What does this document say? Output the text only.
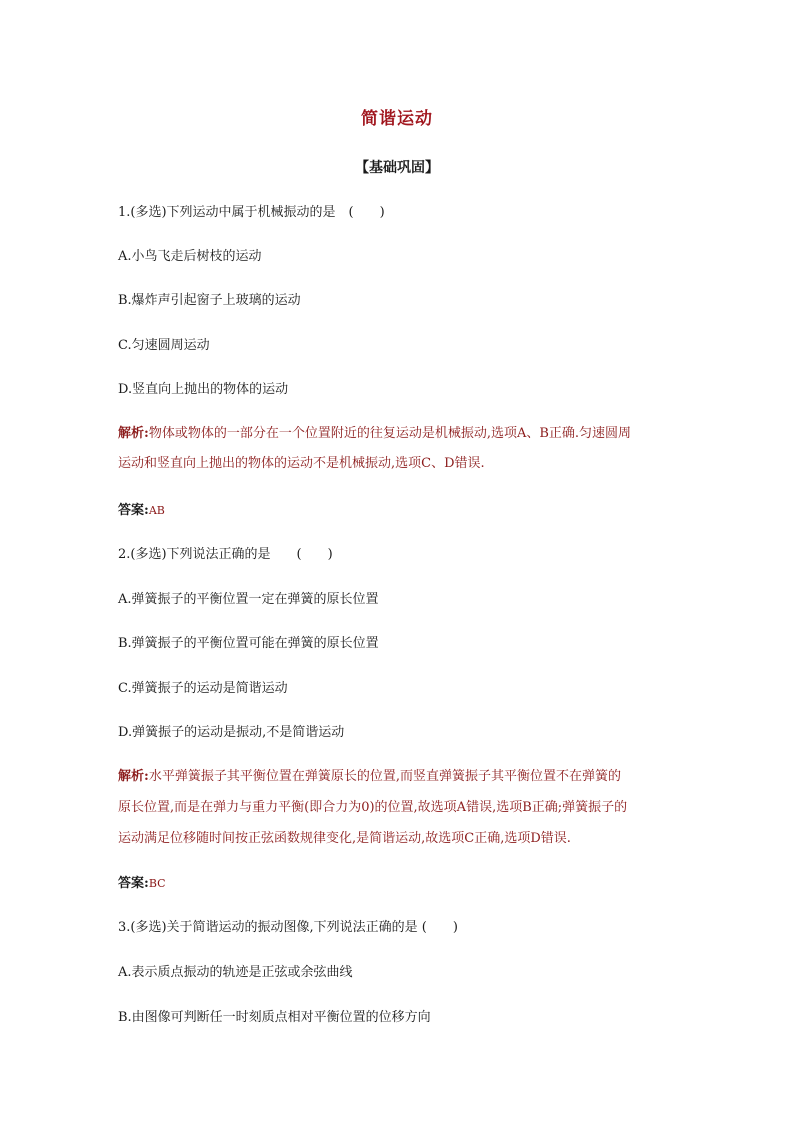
简谐运动
【基础巩固】
1.(多选)下列运动中属于机械振动的是　(　　)
A.小鸟飞走后树枝的运动
B.爆炸声引起窗子上玻璃的运动
C.匀速圆周运动
D.竖直向上抛出的物体的运动
解析:物体或物体的一部分在一个位置附近的往复运动是机械振动,选项A、B正确.匀速圆周
运动和竖直向上抛出的物体的运动不是机械振动,选项C、D错误.
答案:AB
2.(多选)下列说法正确的是　　(　　)
A.弹簧振子的平衡位置一定在弹簧的原长位置
B.弹簧振子的平衡位置可能在弹簧的原长位置
C.弹簧振子的运动是简谐运动
D.弹簧振子的运动是振动,不是简谐运动
解析:水平弹簧振子其平衡位置在弹簧原长的位置,而竖直弹簧振子其平衡位置不在弹簧的
原长位置,而是在弹力与重力平衡(即合力为0)的位置,故选项A错误,选项B正确;弹簧振子的
运动满足位移随时间按正弦函数规律变化,是简谐运动,故选项C正确,选项D错误.
答案:BC
3.(多选)关于简谐运动的振动图像,下列说法正确的是 (　　)
A.表示质点振动的轨迹是正弦或余弦曲线
B.由图像可判断任一时刻质点相对平衡位置的位移方向
